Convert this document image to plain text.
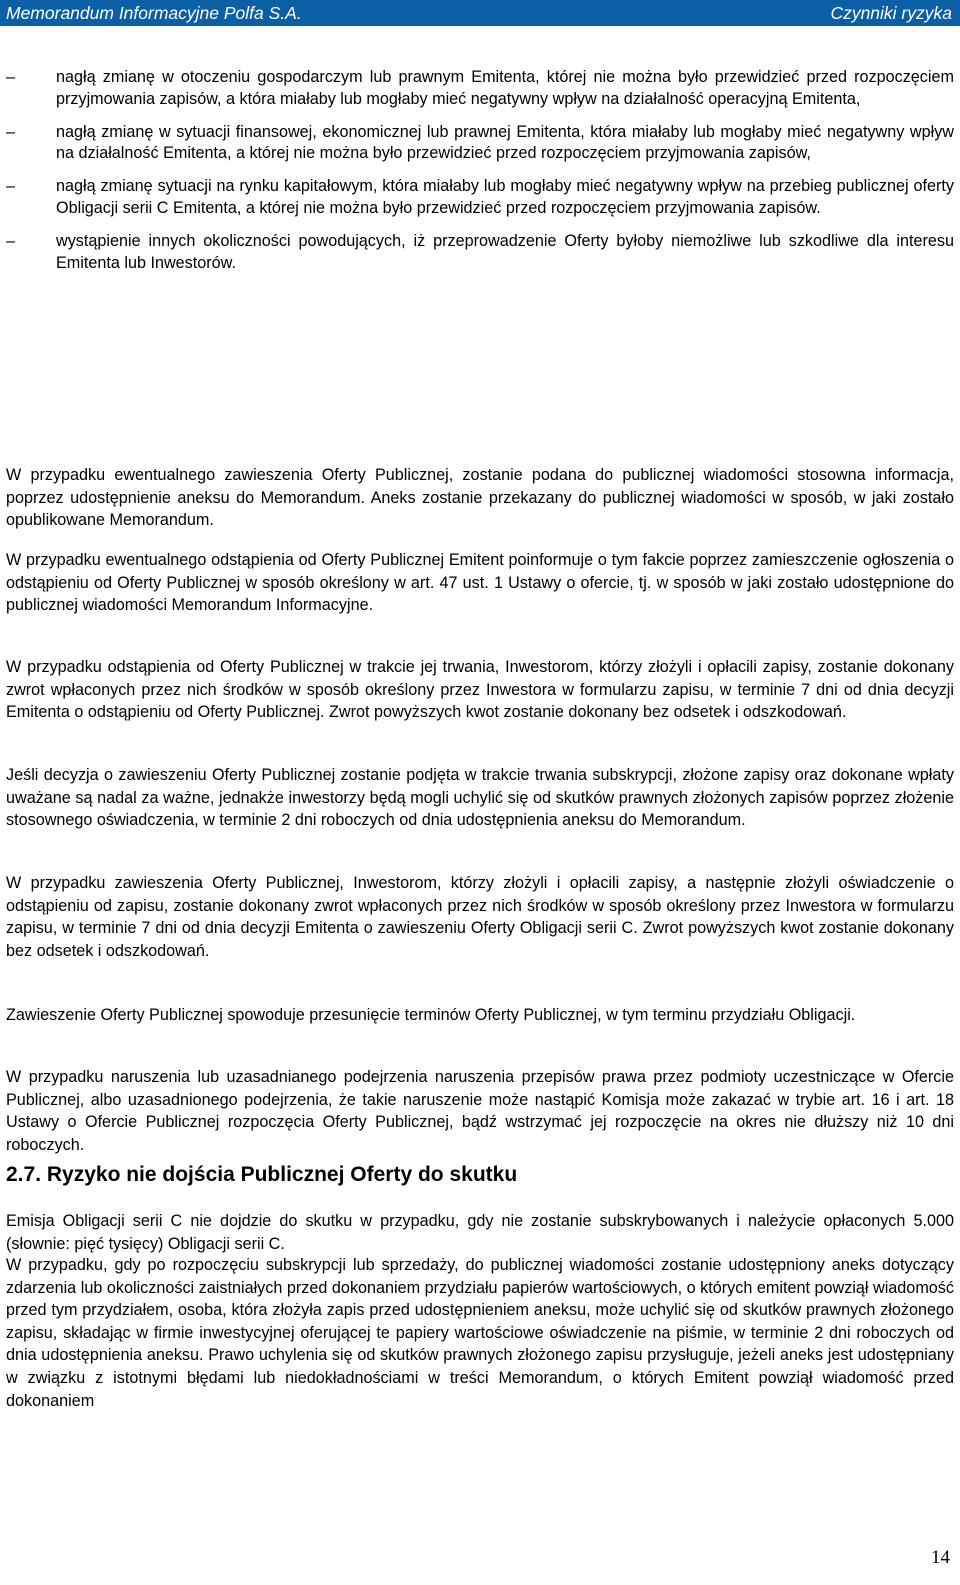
Memorandum Informacyjne Polfa S.A.	Czynniki ryzyka
–	nagłą zmianę w otoczeniu gospodarczym lub prawnym Emitenta, której nie można było przewidzieć przed rozpoczęciem przyjmowania zapisów, a która miałaby lub mogłaby mieć negatywny wpływ na działalność operacyjną Emitenta,
–	nagłą zmianę w sytuacji finansowej, ekonomicznej lub prawnej Emitenta, która miałaby lub mogłaby mieć negatywny wpływ na działalność Emitenta, a której nie można było przewidzieć przed rozpoczęciem przyjmowania zapisów,
–	nagłą zmianę sytuacji na rynku kapitałowym, która miałaby lub mogłaby mieć negatywny wpływ na przebieg publicznej oferty Obligacji serii C Emitenta, a której nie można było przewidzieć przed rozpoczęciem przyjmowania zapisów.
–	wystąpienie innych okoliczności powodujących, iż przeprowadzenie Oferty byłoby niemożliwe lub szkodliwe dla interesu Emitenta lub Inwestorów.

W przypadku ewentualnego zawieszenia Oferty Publicznej, zostanie podana do publicznej wiadomości stosowna informacja, poprzez udostępnienie aneksu do Memorandum. Aneks zostanie przekazany do publicznej wiadomości w sposób, w jaki zostało opublikowane Memorandum.

W przypadku ewentualnego odstąpienia od Oferty Publicznej Emitent poinformuje o tym fakcie poprzez zamieszczenie ogłoszenia o odstąpieniu od Oferty Publicznej w sposób określony w art. 47 ust. 1 Ustawy o ofercie, tj. w sposób w jaki zostało udostępnione do publicznej wiadomości Memorandum Informacyjne.

W przypadku odstąpienia od Oferty Publicznej w trakcie jej trwania, Inwestorom, którzy złożyli i opłacili zapisy, zostanie dokonany zwrot wpłaconych przez nich środków w sposób określony przez Inwestora w formularzu zapisu, w terminie 7 dni od dnia decyzji Emitenta o odstąpieniu od Oferty Publicznej. Zwrot powyższych kwot zostanie dokonany bez odsetek i odszkodowań.

Jeśli decyzja o zawieszeniu Oferty Publicznej zostanie podjęta w trakcie trwania subskrypcji, złożone zapisy oraz dokonane wpłaty uważane są nadal za ważne, jednakże inwestorzy będą mogli uchylić się od skutków prawnych złożonych zapisów poprzez złożenie stosownego oświadczenia, w terminie 2 dni roboczych od dnia udostępnienia aneksu do Memorandum.

W przypadku zawieszenia Oferty Publicznej, Inwestorom, którzy złożyli i opłacili zapisy, a następnie złożyli oświadczenie o odstąpieniu od zapisu, zostanie dokonany zwrot wpłaconych przez nich środków w sposób określony przez Inwestora w formularzu zapisu, w terminie 7 dni od dnia decyzji Emitenta o zawieszeniu Oferty Obligacji serii C. Zwrot powyższych kwot zostanie dokonany bez odsetek i odszkodowań.

Zawieszenie Oferty Publicznej spowoduje przesunięcie terminów Oferty Publicznej, w tym terminu przydziału Obligacji.

W przypadku naruszenia lub uzasadnianego podejrzenia naruszenia przepisów prawa przez podmioty uczestniczące w Ofercie Publicznej, albo uzasadnionego podejrzenia, że takie naruszenie może nastąpić Komisja może zakazać w trybie art. 16 i art. 18 Ustawy o Ofercie Publicznej rozpoczęcia Oferty Publicznej, bądź wstrzymać jej rozpoczęcie na okres nie dłuższy niż 10 dni roboczych.

2.7. Ryzyko nie dojścia Publicznej Oferty do skutku

Emisja Obligacji serii C nie dojdzie do skutku w przypadku, gdy nie zostanie subskrybowanych i należycie opłaconych 5.000 (słownie: pięć tysięcy) Obligacji serii C.

W przypadku, gdy po rozpoczęciu subskrypcji lub sprzedaży, do publicznej wiadomości zostanie udostępniony aneks dotyczący zdarzenia lub okoliczności zaistniałych przed dokonaniem przydziału papierów wartościowych, o których emitent powziął wiadomość przed tym przydziałem, osoba, która złożyła zapis przed udostępnieniem aneksu, może uchylić się od skutków prawnych złożonego zapisu, składając w firmie inwestycyjnej oferującej te papiery wartościowe oświadczenie na piśmie, w terminie 2 dni roboczych od dnia udostępnienia aneksu. Prawo uchylenia się od skutków prawnych złożonego zapisu przysługuje, jeżeli aneks jest udostępniany w związku z istotnymi błędami lub niedokładnościami w treści Memorandum, o których Emitent powziął wiadomość przed dokonaniem

14
